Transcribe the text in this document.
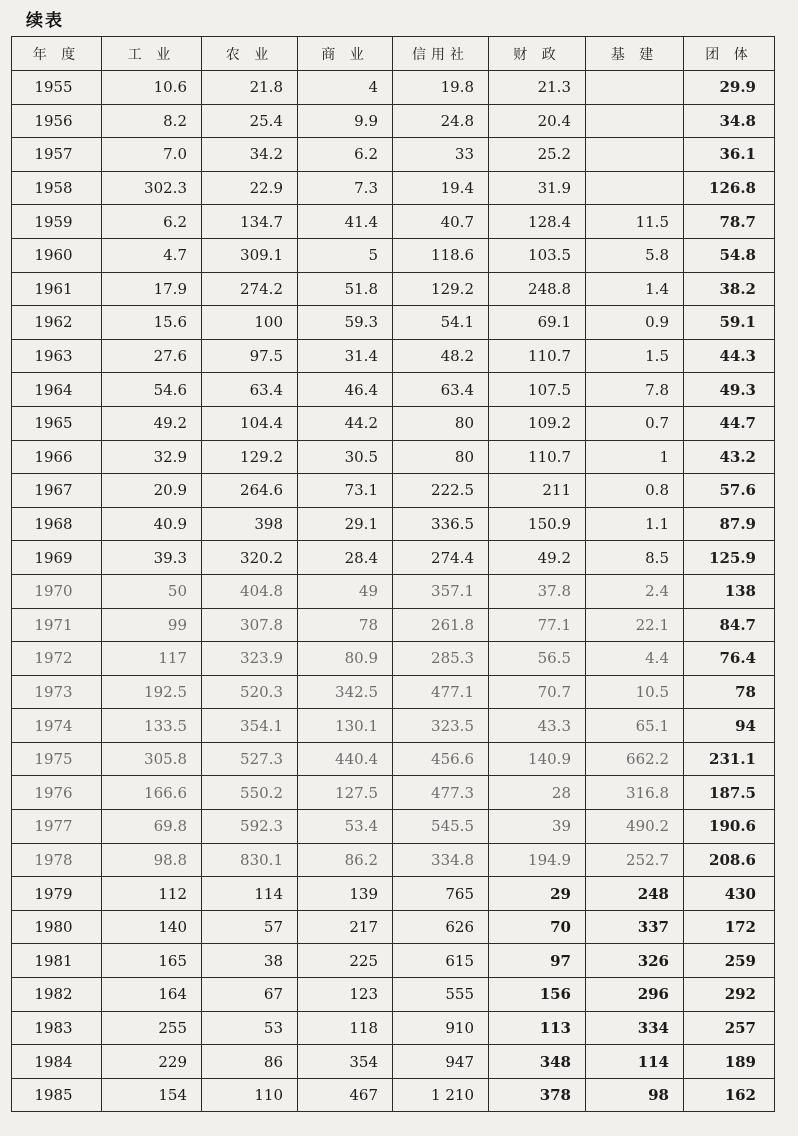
续表
年 度	工 业	农 业	商 业	信用社	财 政	基 建	团 体
1955	10.6	21.8	4	19.8	21.3		29.9
1956	8.2	25.4	9.9	24.8	20.4		34.8
1957	7.0	34.2	6.2	33	25.2		36.1
1958	302.3	22.9	7.3	19.4	31.9		126.8
1959	6.2	134.7	41.4	40.7	128.4	11.5	78.7
1960	4.7	309.1	5	118.6	103.5	5.8	54.8
1961	17.9	274.2	51.8	129.2	248.8	1.4	38.2
1962	15.6	100	59.3	54.1	69.1	0.9	59.1
1963	27.6	97.5	31.4	48.2	110.7	1.5	44.3
1964	54.6	63.4	46.4	63.4	107.5	7.8	49.3
1965	49.2	104.4	44.2	80	109.2	0.7	44.7
1966	32.9	129.2	30.5	80	110.7	1	43.2
1967	20.9	264.6	73.1	222.5	211	0.8	57.6
1968	40.9	398	29.1	336.5	150.9	1.1	87.9
1969	39.3	320.2	28.4	274.4	49.2	8.5	125.9
1970	50	404.8	49	357.1	37.8	2.4	138
1971	99	307.8	78	261.8	77.1	22.1	84.7
1972	117	323.9	80.9	285.3	56.5	4.4	76.4
1973	192.5	520.3	342.5	477.1	70.7	10.5	78
1974	133.5	354.1	130.1	323.5	43.3	65.1	94
1975	305.8	527.3	440.4	456.6	140.9	662.2	231.1
1976	166.6	550.2	127.5	477.3	28	316.8	187.5
1977	69.8	592.3	53.4	545.5	39	490.2	190.6
1978	98.8	830.1	86.2	334.8	194.9	252.7	208.6
1979	112	114	139	765	29	248	430
1980	140	57	217	626	70	337	172
1981	165	38	225	615	97	326	259
1982	164	67	123	555	156	296	292
1983	255	53	118	910	113	334	257
1984	229	86	354	947	348	114	189
1985	154	110	467	1 210	378	98	162
